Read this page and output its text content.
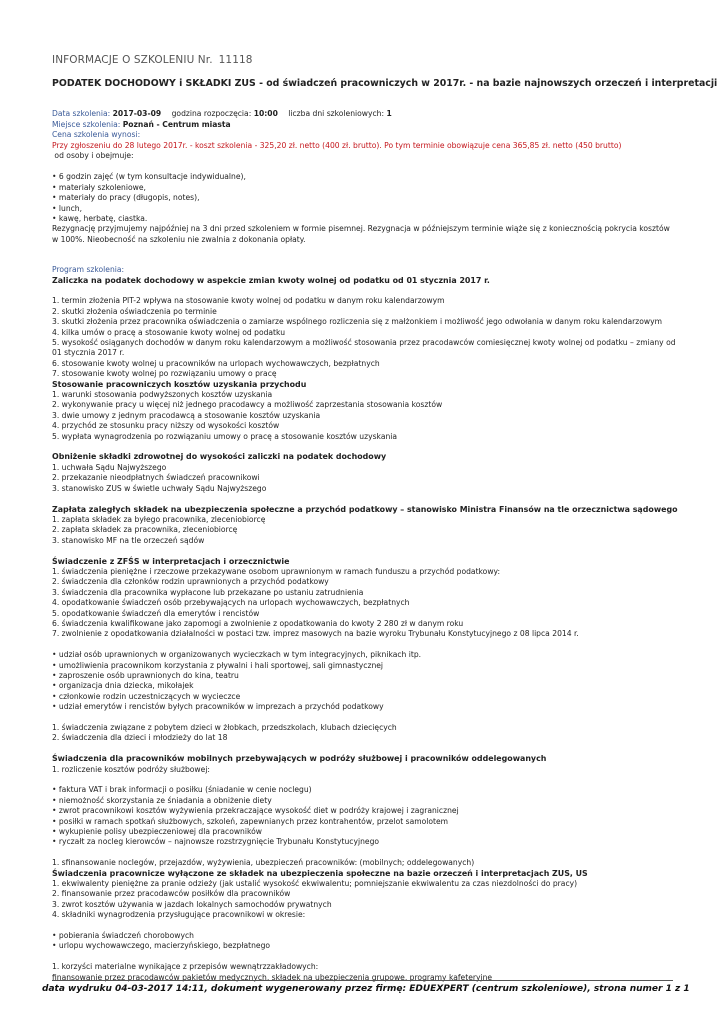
INFORMACJE O SZKOLENIU Nr. 11118
PODATEK DOCHODOWY i SKŁADKI ZUS - od świadczeń pracowniczych w 2017r. - na bazie najnowszych orzeczeń i interpretacji
Data szkolenia: 2017-03-09 godzina rozpoczęcia: 10:00 liczba dni szkoleniowych: 1
Miejsce szkolenia: Poznań - Centrum miasta
Cena szkolenia wynosi:
Przy zgłoszeniu do 28 lutego 2017r. - koszt szkolenia - 325,20 zł. netto (400 zł. brutto). Po tym terminie obowiązuje cena 365,85 zł. netto (450 brutto)
od osoby i obejmuje:
• 6 godzin zajęć (w tym konsultacje indywidualne),
• materiały szkoleniowe,
• materiały do pracy (długopis, notes),
• lunch,
• kawę, herbatę, ciastka.
Rezygnację przyjmujemy najpóźniej na 3 dni przed szkoleniem w formie pisemnej. Rezygnacja w późniejszym terminie wiąże się z koniecznością pokrycia kosztów w 100%. Nieobecność na szkoleniu nie zwalnia z dokonania opłaty.
Program szkolenia:
Zaliczka na podatek dochodowy w aspekcie zmian kwoty wolnej od podatku od 01 stycznia 2017 r.
1. termin złożenia PIT-2 wpływa na stosowanie kwoty wolnej od podatku w danym roku kalendarzowym
2. skutki złożenia oświadczenia po terminie
3. skutki złożenia przez pracownika oświadczenia o zamiarze wspólnego rozliczenia się z małżonkiem i możliwość jego odwołania w danym roku kalendarzowym
4. kilka umów o pracę a stosowanie kwoty wolnej od podatku
5. wysokość osiąganych dochodów w danym roku kalendarzowym a możliwość stosowania przez pracodawców comiesięcznej kwoty wolnej od podatku – zmiany od 01 stycznia 2017 r.
6. stosowanie kwoty wolnej u pracowników na urlopach wychowawczych, bezpłatnych
7. stosowanie kwoty wolnej po rozwiązaniu umowy o pracę
Stosowanie pracowniczych kosztów uzyskania przychodu
1. warunki stosowania podwyższonych kosztów uzyskania
2. wykonywanie pracy u więcej niż jednego pracodawcy a możliwość zaprzestania stosowania kosztów
3. dwie umowy z jednym pracodawcą a stosowanie kosztów uzyskania
4. przychód ze stosunku pracy niższy od wysokości kosztów
5. wypłata wynagrodzenia po rozwiązaniu umowy o pracę a stosowanie kosztów uzyskania
Obniżenie składki zdrowotnej do wysokości zaliczki na podatek dochodowy
1. uchwała Sądu Najwyższego
2. przekazanie nieodpłatnych świadczeń pracownikowi
3. stanowisko ZUS w świetle uchwały Sądu Najwyższego
Zapłata zaległych składek na ubezpieczenia społeczne a przychód podatkowy – stanowisko Ministra Finansów na tle orzecznictwa sądowego
1. zapłata składek za byłego pracownika, zleceniobiorcę
2. zapłata składek za pracownika, zleceniobiorcę
3. stanowisko MF na tle orzeczeń sądów
Świadczenie z ZFŚS w interpretacjach i orzecznictwie
1. świadczenia pieniężne i rzeczowe przekazywane osobom uprawnionym w ramach funduszu a przychód podatkowy:
2. świadczenia dla członków rodzin uprawnionych a przychód podatkowy
3. świadczenia dla pracownika wypłacone lub przekazane po ustaniu zatrudnienia
4. opodatkowanie świadczeń osób przebywających na urlopach wychowawczych, bezpłatnych
5. opodatkowanie świadczeń dla emerytów i rencistów
6. świadczenia kwalifikowane jako zapomogi a zwolnienie z opodatkowania do kwoty 2 280 zł w danym roku
7. zwolnienie z opodatkowania działalności w postaci tzw. imprez masowych na bazie wyroku Trybunału Konstytucyjnego z 08 lipca 2014 r.
• udział osób uprawnionych w organizowanych wycieczkach w tym integracyjnych, piknikach itp.
• umożliwienia pracownikom korzystania z pływalni i hali sportowej, sali gimnastycznej
• zaproszenie osób uprawnionych do kina, teatru
• organizacja dnia dziecka, mikołajek
• członkowie rodzin uczestniczących w wycieczce
• udział emerytów i rencistów byłych pracowników w imprezach a przychód podatkowy
1. świadczenia związane z pobytem dzieci w żłobkach, przedszkolach, klubach dziecięcych
2. świadczenia dla dzieci i młodzieży do lat 18
Świadczenia dla pracowników mobilnych przebywających w podróży służbowej i pracowników oddelegowanych
1. rozliczenie kosztów podróży służbowej:
• faktura VAT i brak informacji o posiłku (śniadanie w cenie noclegu)
• niemożność skorzystania ze śniadania a obniżenie diety
• zwrot pracownikowi kosztów wyżywienia przekraczające wysokość diet w podróży krajowej i zagranicznej
• posiłki w ramach spotkań służbowych, szkoleń, zapewnianych przez kontrahentów, przelot samolotem
• wykupienie polisy ubezpieczeniowej dla pracowników
• ryczałt za nocleg kierowców – najnowsze rozstrzygnięcie Trybunału Konstytucyjnego
1. sfinansowanie noclegów, przejazdów, wyżywienia, ubezpieczeń pracowników: (mobilnych; oddelegowanych)
Świadczenia pracownicze wyłączone ze składek na ubezpieczenia społeczne na bazie orzeczeń i interpretacjach ZUS, US
1. ekwiwalenty pieniężne za pranie odzieży (jak ustalić wysokość ekwiwalentu; pomniejszanie ekwiwalentu za czas niezdolności do pracy)
2. finansowanie przez pracodawców posiłków dla pracowników
3. zwrot kosztów używania w jazdach lokalnych samochodów prywatnych
4. składniki wynagrodzenia przysługujące pracownikowi w okresie:
• pobierania świadczeń chorobowych
• urlopu wychowawczego, macierzyńskiego, bezpłatnego
1. korzyści materialne wynikające z przepisów wewnątrzzakładowych:
finansowanie przez pracodawców pakietów medycznych, składek na ubezpieczenia grupowe, programy kafeteryjne
data wydruku 04-03-2017 14:11, dokument wygenerowany przez firmę: EDUEXPERT (centrum szkoleniowe), strona numer 1 z 1
